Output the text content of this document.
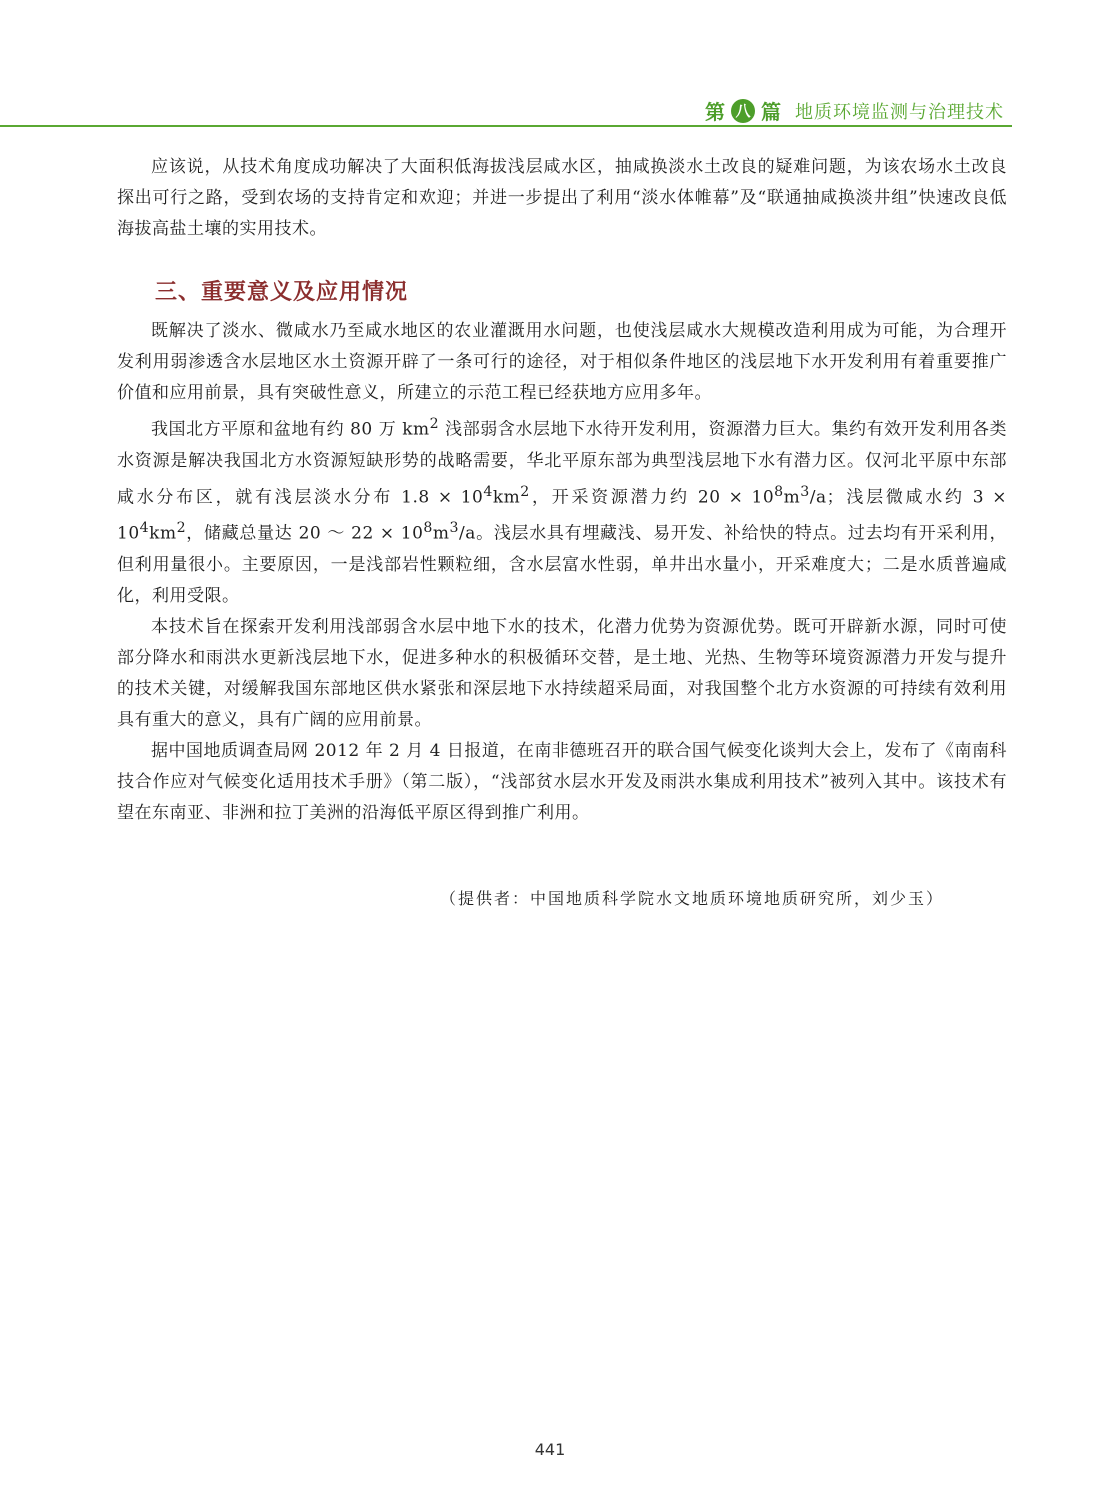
第 八 篇 地质环境监测与治理技术

应该说，从技术角度成功解决了大面积低海拔浅层咸水区，抽咸换淡水土改良的疑难问题，为该农场水土改良探出可行之路，受到农场的支持肯定和欢迎；并进一步提出了利用“淡水体帷幕”及“联通抽咸换淡井组”快速改良低海拔高盐土壤的实用技术。

三、重要意义及应用情况

既解决了淡水、微咸水乃至咸水地区的农业灌溉用水问题，也使浅层咸水大规模改造利用成为可能，为合理开发利用弱渗透含水层地区水土资源开辟了一条可行的途径，对于相似条件地区的浅层地下水开发利用有着重要推广价值和应用前景，具有突破性意义，所建立的示范工程已经获地方应用多年。

我国北方平原和盆地有约 80 万 $km^2$ 浅部弱含水层地下水待开发利用，资源潜力巨大。集约有效开发利用各类水资源是解决我国北方水资源短缺形势的战略需要，华北平原东部为典型浅层地下水有潜力区。仅河北平原中东部咸水分布区，就有浅层淡水分布 $1.8 \times 10^4km^2$，开采资源潜力约 $20 \times 10^8m^3/a$；浅层微咸水约 $3 \times 10^4km^2$，储藏总量达 20 ～ $22 \times 10^8m^3/a$。浅层水具有埋藏浅、易开发、补给快的特点。过去均有开采利用，但利用量很小。主要原因，一是浅部岩性颗粒细，含水层富水性弱，单井出水量小，开采难度大；二是水质普遍咸化，利用受限。

本技术旨在探索开发利用浅部弱含水层中地下水的技术，化潜力优势为资源优势。既可开辟新水源，同时可使部分降水和雨洪水更新浅层地下水，促进多种水的积极循环交替，是土地、光热、生物等环境资源潜力开发与提升的技术关键，对缓解我国东部地区供水紧张和深层地下水持续超采局面，对我国整个北方水资源的可持续有效利用具有重大的意义，具有广阔的应用前景。

据中国地质调查局网 2012 年 2 月 4 日报道，在南非德班召开的联合国气候变化谈判大会上，发布了《南南科技合作应对气候变化适用技术手册》（第二版），“浅部贫水层水开发及雨洪水集成利用技术”被列入其中。该技术有望在东南亚、非洲和拉丁美洲的沿海低平原区得到推广利用。

（提供者：中国地质科学院水文地质环境地质研究所，刘少玉）
441
